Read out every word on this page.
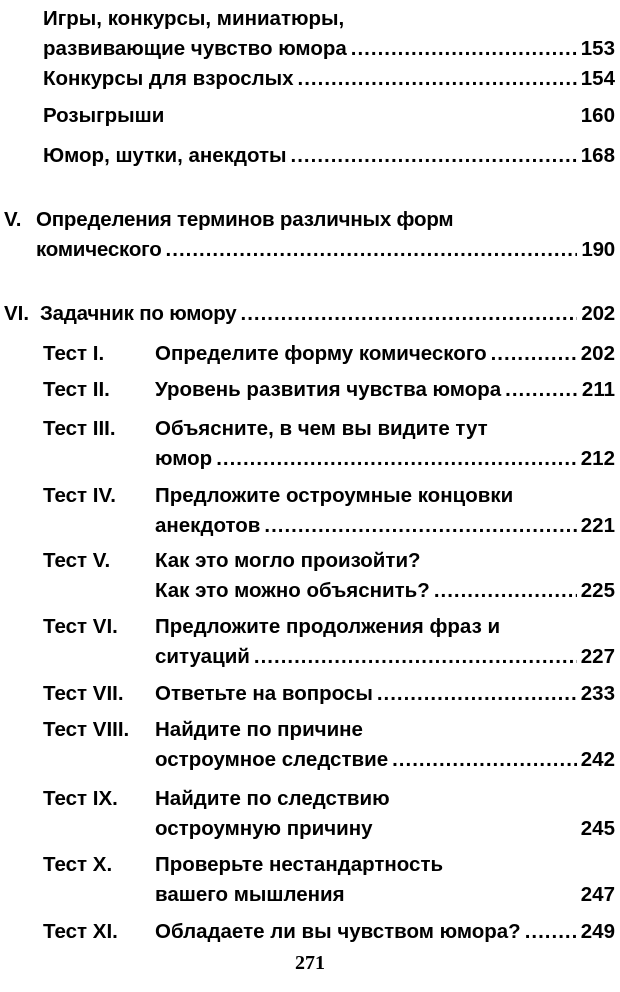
Игры, конкурсы, миниатюры,
развивающие чувство юмора .....	153
Конкурсы для взрослых .....	154
Розыгрыши	160
Юмор, шутки, анекдоты .....	168
V. Определения терминов различных форм
комического .....	190
VI. Задачник по юмору .....	202
Тест I. Определите форму комического .....	202
Тест II. Уровень развития чувства юмора .....	211
Тест III. Объясните, в чем вы видите тут
юмор .....	212
Тест IV. Предложите остроумные концовки
анекдотов .....	221
Тест V. Как это могло произойти?
Как это можно объяснить? .....	225
Тест VI. Предложите продолжения фраз и
ситуаций .....	227
Тест VII. Ответьте на вопросы .....	233
Тест VIII. Найдите по причине
остроумное следствие .....	242
Тест IX. Найдите по следствию
остроумную причину	245
Тест X. Проверьте нестандартность
вашего мышления	247
Тест XI. Обладаете ли вы чувством юмора? .....	249
271
